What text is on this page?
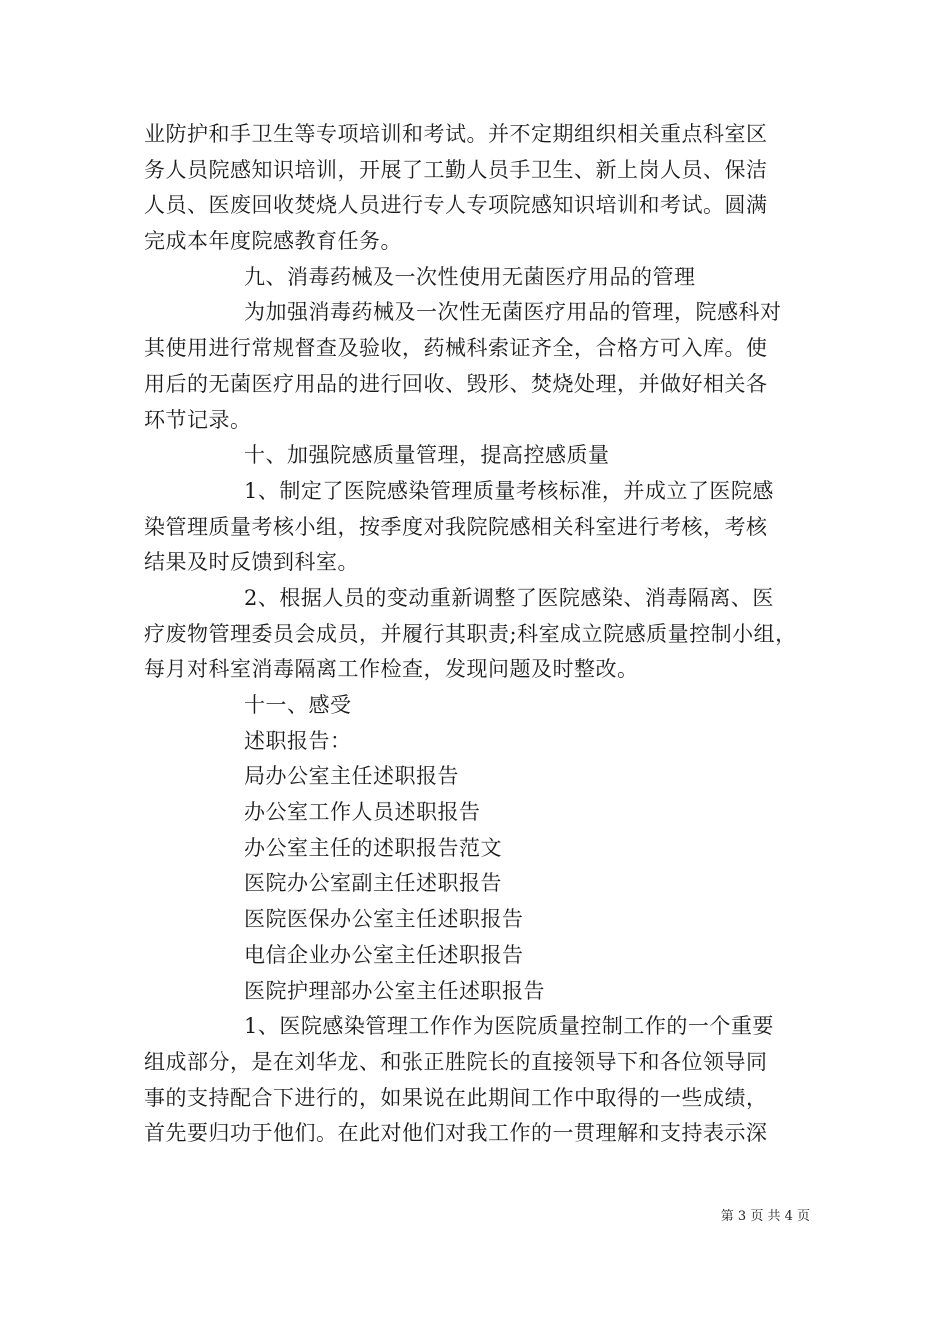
业防护和手卫生等专项培训和考试。并不定期组织相关重点科室区
务人员院感知识培训，开展了工勤人员手卫生、新上岗人员、保洁
人员、医废回收焚烧人员进行专人专项院感知识培训和考试。圆满
完成本年度院感教育任务。
九、消毒药械及一次性使用无菌医疗用品的管理
为加强消毒药械及一次性无菌医疗用品的管理，院感科对
其使用进行常规督查及验收，药械科索证齐全，合格方可入库。使
用后的无菌医疗用品的进行回收、毁形、焚烧处理，并做好相关各
环节记录。
十、加强院感质量管理，提高控感质量
1、制定了医院感染管理质量考核标准，并成立了医院感
染管理质量考核小组，按季度对我院院感相关科室进行考核，考核
结果及时反馈到科室。
2、根据人员的变动重新调整了医院感染、消毒隔离、医
疗废物管理委员会成员，并履行其职责;科室成立院感质量控制小组，
每月对科室消毒隔离工作检查，发现问题及时整改。
十一、感受
述职报告：
局办公室主任述职报告
办公室工作人员述职报告
办公室主任的述职报告范文
医院办公室副主任述职报告
医院医保办公室主任述职报告
电信企业办公室主任述职报告
医院护理部办公室主任述职报告
1、医院感染管理工作作为医院质量控制工作的一个重要
组成部分，是在刘华龙、和张正胜院长的直接领导下和各位领导同
事的支持配合下进行的，如果说在此期间工作中取得的一些成绩，
首先要归功于他们。在此对他们对我工作的一贯理解和支持表示深
第 3 页 共 4 页
